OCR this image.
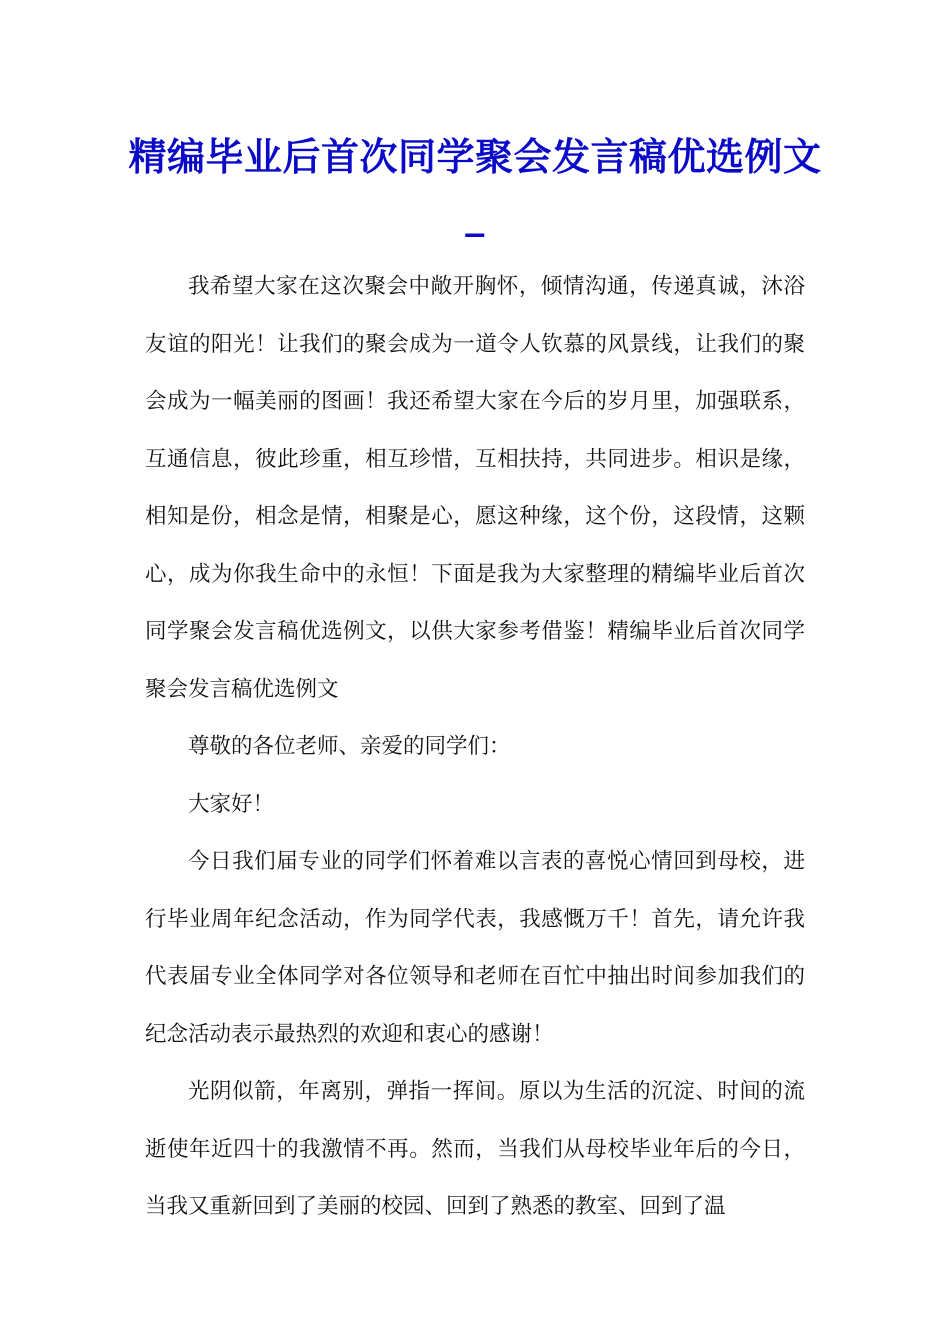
精编毕业后首次同学聚会发言稿优选例文_

我希望大家在这次聚会中敞开胸怀，倾情沟通，传递真诚，沐浴友谊的阳光！让我们的聚会成为一道令人钦慕的风景线，让我们的聚会成为一幅美丽的图画！我还希望大家在今后的岁月里，加强联系，互通信息，彼此珍重，相互珍惜，互相扶持，共同进步。相识是缘，相知是份，相念是情，相聚是心，愿这种缘，这个份，这段情，这颗心，成为你我生命中的永恒！下面是我为大家整理的精编毕业后首次同学聚会发言稿优选例文，以供大家参考借鉴！精编毕业后首次同学聚会发言稿优选例文

尊敬的各位老师、亲爱的同学们：

大家好！

今日我们届专业的同学们怀着难以言表的喜悦心情回到母校，进行毕业周年纪念活动，作为同学代表，我感慨万千！首先，请允许我代表届专业全体同学对各位领导和老师在百忙中抽出时间参加我们的纪念活动表示最热烈的欢迎和衷心的感谢！

光阴似箭，年离别，弹指一挥间。原以为生活的沉淀、时间的流逝使年近四十的我激情不再。然而，当我们从母校毕业年后的今日，当我又重新回到了美丽的校园、回到了熟悉的教室、回到了温
